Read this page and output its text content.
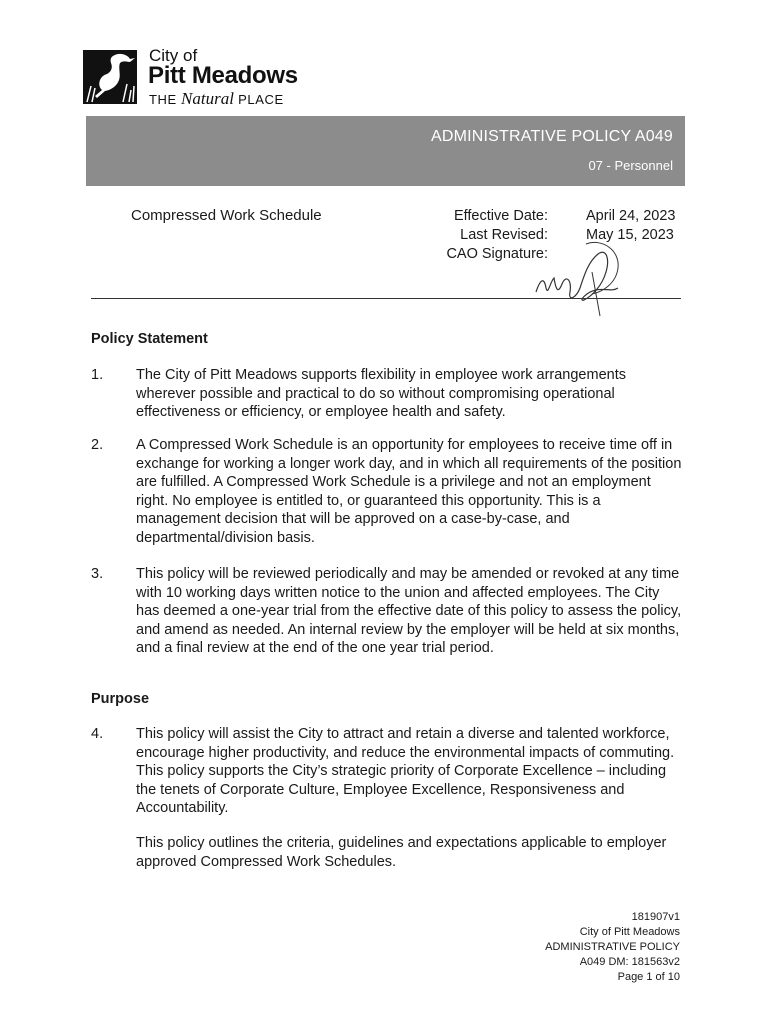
City of
Pitt Meadows
THE Natural PLACE
ADMINISTRATIVE POLICY A049
07 - Personnel
Compressed Work Schedule	Effective Date:
Last Revised:
CAO Signature:
April 24, 2023
May 15, 2023
Policy Statement
1. The City of Pitt Meadows supports flexibility in employee work arrangements wherever possible and practical to do so without compromising operational effectiveness or efficiency, or employee health and safety.
2. A Compressed Work Schedule is an opportunity for employees to receive time off in exchange for working a longer work day, and in which all requirements of the position are fulfilled. A Compressed Work Schedule is a privilege and not an employment right. No employee is entitled to, or guaranteed this opportunity. This is a management decision that will be approved on a case-by-case, and departmental/division basis.
3. This policy will be reviewed periodically and may be amended or revoked at any time with 10 working days written notice to the union and affected employees. The City has deemed a one-year trial from the effective date of this policy to assess the policy, and amend as needed. An internal review by the employer will be held at six months, and a final review at the end of the one year trial period.
Purpose
4. This policy will assist the City to attract and retain a diverse and talented workforce, encourage higher productivity, and reduce the environmental impacts of commuting. This policy supports the City’s strategic priority of Corporate Excellence – including the tenets of Corporate Culture, Employee Excellence, Responsiveness and Accountability.
This policy outlines the criteria, guidelines and expectations applicable to employer approved Compressed Work Schedules.
181907v1
City of Pitt Meadows
ADMINISTRATIVE POLICY
A049 DM: 181563v2
Page 1 of 10
